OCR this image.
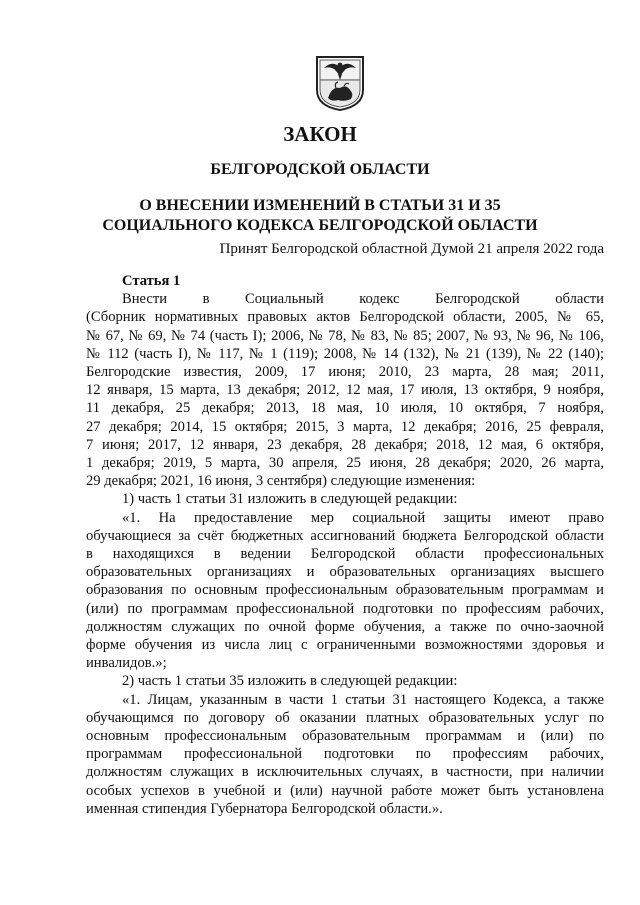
ЗАКОН
БЕЛГОРОДСКОЙ ОБЛАСТИ
О ВНЕСЕНИИ ИЗМЕНЕНИЙ В СТАТЬИ 31 И 35
СОЦИАЛЬНОГО КОДЕКСА БЕЛГОРОДСКОЙ ОБЛАСТИ
Принят Белгородской областной Думой 21 апреля 2022 года

Статья 1

Внести в Социальный кодекс Белгородской области

(Сборник нормативных правовых актов Белгородской области, 2005, № 65,

№ 67, № 69, № 74 (часть I); 2006, № 78, № 83, № 85; 2007, № 93, № 96, № 106,

№ 112 (часть I), № 117, № 1 (119); 2008, № 14 (132), № 21 (139), № 22 (140);

Белгородские известия, 2009, 17 июня; 2010, 23 марта, 28 мая; 2011,

12 января, 15 марта, 13 декабря; 2012, 12 мая, 17 июля, 13 октября, 9 ноября,

11 декабря, 25 декабря; 2013, 18 мая, 10 июля, 10 октября, 7 ноября,

27 декабря; 2014, 15 октября; 2015, 3 марта, 12 декабря; 2016, 25 февраля,

7 июня; 2017, 12 января, 23 декабря, 28 декабря; 2018, 12 мая, 6 октября,

1 декабря; 2019, 5 марта, 30 апреля, 25 июня, 28 декабря; 2020, 26 марта,

29 декабря; 2021, 16 июня, 3 сентября) следующие изменения:

1) часть 1 статьи 31 изложить в следующей редакции:

«1. На предоставление мер социальной защиты имеют право

обучающиеся за счёт бюджетных ассигнований бюджета Белгородской области

в находящихся в ведении Белгородской области профессиональных

образовательных организациях и образовательных организациях высшего

образования по основным профессиональным образовательным программам и

(или) по программам профессиональной подготовки по профессиям рабочих,

должностям служащих по очной форме обучения, а также по очно-заочной

форме обучения из числа лиц с ограниченными возможностями здоровья и

инвалидов.»;

2) часть 1 статьи 35 изложить в следующей редакции:

«1. Лицам, указанным в части 1 статьи 31 настоящего Кодекса, а также

обучающимся по договору об оказании платных образовательных услуг по

основным профессиональным образовательным программам и (или) по

программам профессиональной подготовки по профессиям рабочих,

должностям служащих в исключительных случаях, в частности, при наличии

особых успехов в учебной и (или) научной работе может быть установлена

именная стипендия Губернатора Белгородской области.».
